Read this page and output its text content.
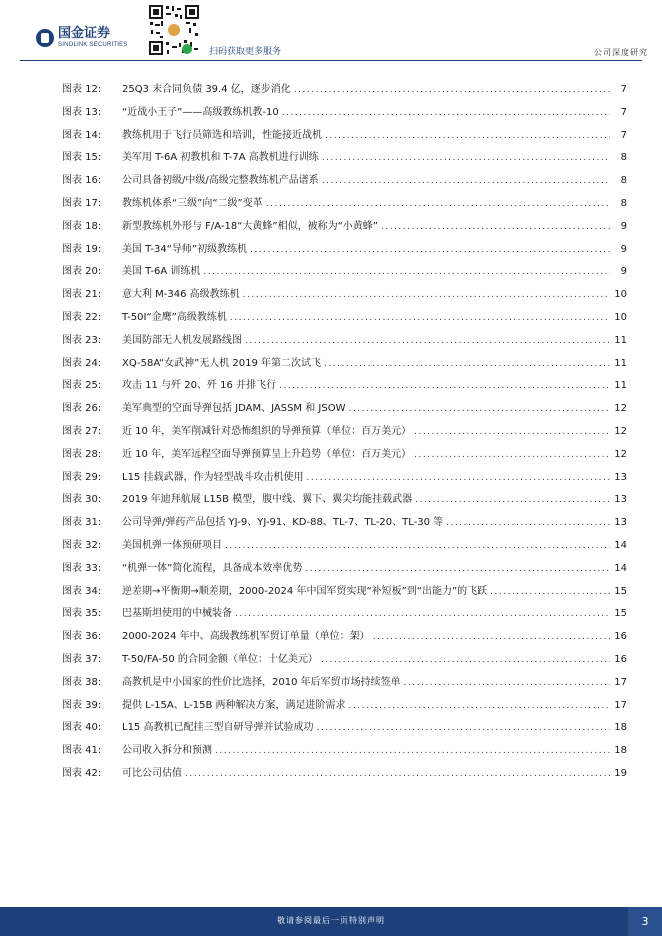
国金证券
SINOLINK SECURITIES
扫码获取更多服务	公司深度研究
图表 12:	25Q3 末合同负债 39.4 亿，逐步消化 .....	7
图表 13:	“近战小王子”——高级教练机教-10 .....	7
图表 14:	教练机用于飞行员筛选和培训，性能接近战机 .....	7
图表 15:	美军用 T-6A 初教机和 T-7A 高教机进行训练 .....	8
图表 16:	公司具备初级/中级/高级完整教练机产品谱系 .....	8
图表 17:	教练机体系“三级”向“二级”变革 .....	8
图表 18:	新型教练机外形与 F/A-18“大黄蜂”相似，被称为“小黄蜂” .....	9
图表 19:	美国 T-34“导师”初级教练机 .....	9
图表 20:	美国 T-6A 训练机 .....	9
图表 21:	意大利 M-346 高级教练机 .....	10
图表 22:	T-50I“金鹰”高级教练机 .....	10
图表 23:	美国防部无人机发展路线图 .....	11
图表 24:	XQ-58A“女武神”无人机 2019 年第二次试飞 .....	11
图表 25:	攻击 11 与歼 20、歼 16 并排飞行 .....	11
图表 26:	美军典型的空面导弹包括 JDAM、JASSM 和 JSOW .....	12
图表 27:	近 10 年，美军削减针对恐怖组织的导弹预算（单位：百万美元） .....	12
图表 28:	近 10 年，美军远程空面导弹预算呈上升趋势（单位：百万美元） .....	12
图表 29:	L15 挂载武器，作为轻型战斗攻击机使用 .....	13
图表 30:	2019 年迪拜航展 L15B 模型，腹中线、翼下、翼尖均能挂载武器 .....	13
图表 31:	公司导弹/弹药产品包括 YJ-9、YJ-91、KD-88、TL-7、TL-20、TL-30 等 .....	13
图表 32:	美国机弹一体预研项目 .....	14
图表 33:	“机弹一体”简化流程，具备成本效率优势 .....	14
图表 34:	逆差期→平衡期→顺差期，2000-2024 年中国军贸实现“补短板”到“出能力”的飞跃 .....	15
图表 35:	巴基斯坦使用的中械装备 .....	15
图表 36:	2000-2024 年中、高级教练机军贸订单量（单位：架） .....	16
图表 37:	T-50/FA-50 的合同金额（单位：十亿美元） .....	16
图表 38:	高教机是中小国家的性价比选择，2010 年后军贸市场持续签单 .....	17
图表 39:	提供 L-15A、L-15B 两种解决方案，满足进阶需求 .....	17
图表 40:	L15 高教机已配挂三型自研导弹并试验成功 .....	18
图表 41:	公司收入拆分和预测 .....	18
图表 42:	可比公司估值 .....	19
敬请参阅最后一页特别声明	3
